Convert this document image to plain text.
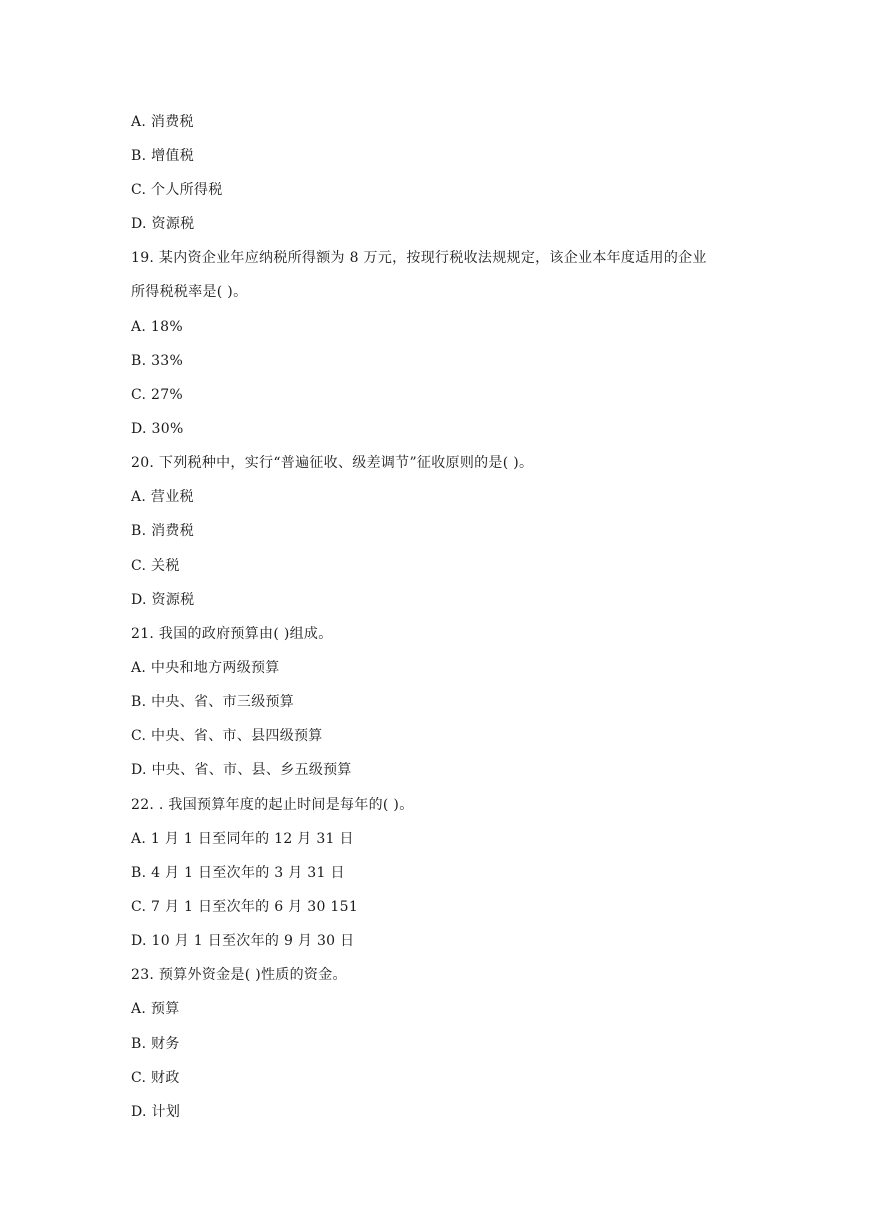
A. 消费税
B. 增值税
C. 个人所得税
D. 资源税
19. 某内资企业年应纳税所得额为 8 万元，按现行税收法规规定，该企业本年度适用的企业
所得税税率是( )。
A. 18%
B. 33%
C. 27%
D. 30%
20. 下列税种中，实行“普遍征收、级差调节”征收原则的是( )。
A. 营业税
B. 消费税
C. 关税
D. 资源税
21. 我国的政府预算由( )组成。
A. 中央和地方两级预算
B. 中央、省、市三级预算
C. 中央、省、市、县四级预算
D. 中央、省、市、县、乡五级预算
22. . 我国预算年度的起止时间是每年的( )。
A. 1 月 1 日至同年的 12 月 31 日
B. 4 月 1 日至次年的 3 月 31 日
C. 7 月 1 日至次年的 6 月 30 151
D. 10 月 1 日至次年的 9 月 30 日
23. 预算外资金是( )性质的资金。
A. 预算
B. 财务
C. 财政
D. 计划
